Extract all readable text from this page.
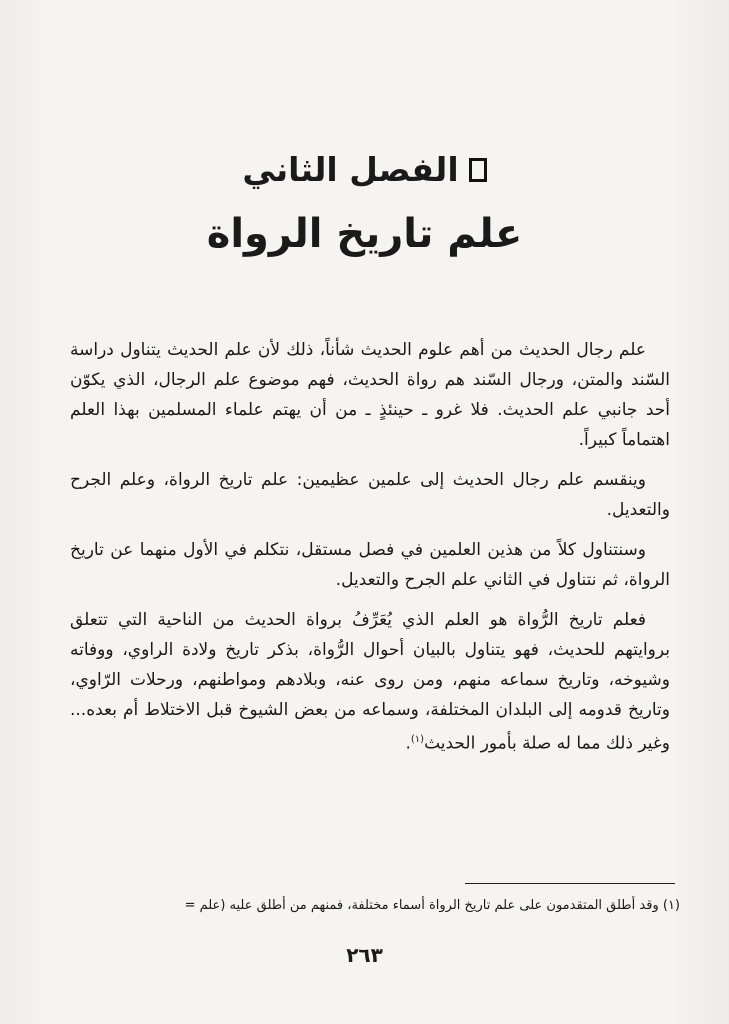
الفصل الثاني
علم تاريخ الرواة

علم رجال الحديث من أهم علوم الحديث شأناً، ذلك لأن علم الحديث يتناول دراسة السّند والمتن، ورجال السّند هم رواة الحديث، فهم موضوع علم الرجال، الذي يكوّن أحد جانبي علم الحديث. فلا غرو ـ حينئذٍ ـ من أن يهتم علماء المسلمين بهذا العلم اهتماماً كبيراً.

وينقسم علم رجال الحديث إلى علمين عظيمين: علم تاريخ الرواة، وعلم الجرح والتعديل.

وسنتناول كلاً من هذين العلمين في فصل مستقل، نتكلم في الأول منهما عن تاريخ الرواة، ثم نتناول في الثاني علم الجرح والتعديل.

فعلم تاريخ الرُّواة هو العلم الذي يُعَرِّفُ برواة الحديث من الناحية التي تتعلق بروايتهم للحديث، فهو يتناول بالبيان أحوال الرُّواة، بذكر تاريخ ولادة الراوي، ووفاته وشيوخه، وتاريخ سماعه منهم، ومن روى عنه، وبلادهم ومواطنهم، ورحلات الرّاوي، وتاريخ قدومه إلى البلدان المختلفة، وسماعه من بعض الشيوخ قبل الاختلاط أم بعده... وغير ذلك مما له صلة بأمور الحديث$^{(١)}$.

(١) وقد أطلق المتقدمون على علم تاريخ الرواة أسماء مختلفة، فمنهم من أطلق عليه (علم =
٢٦٣
